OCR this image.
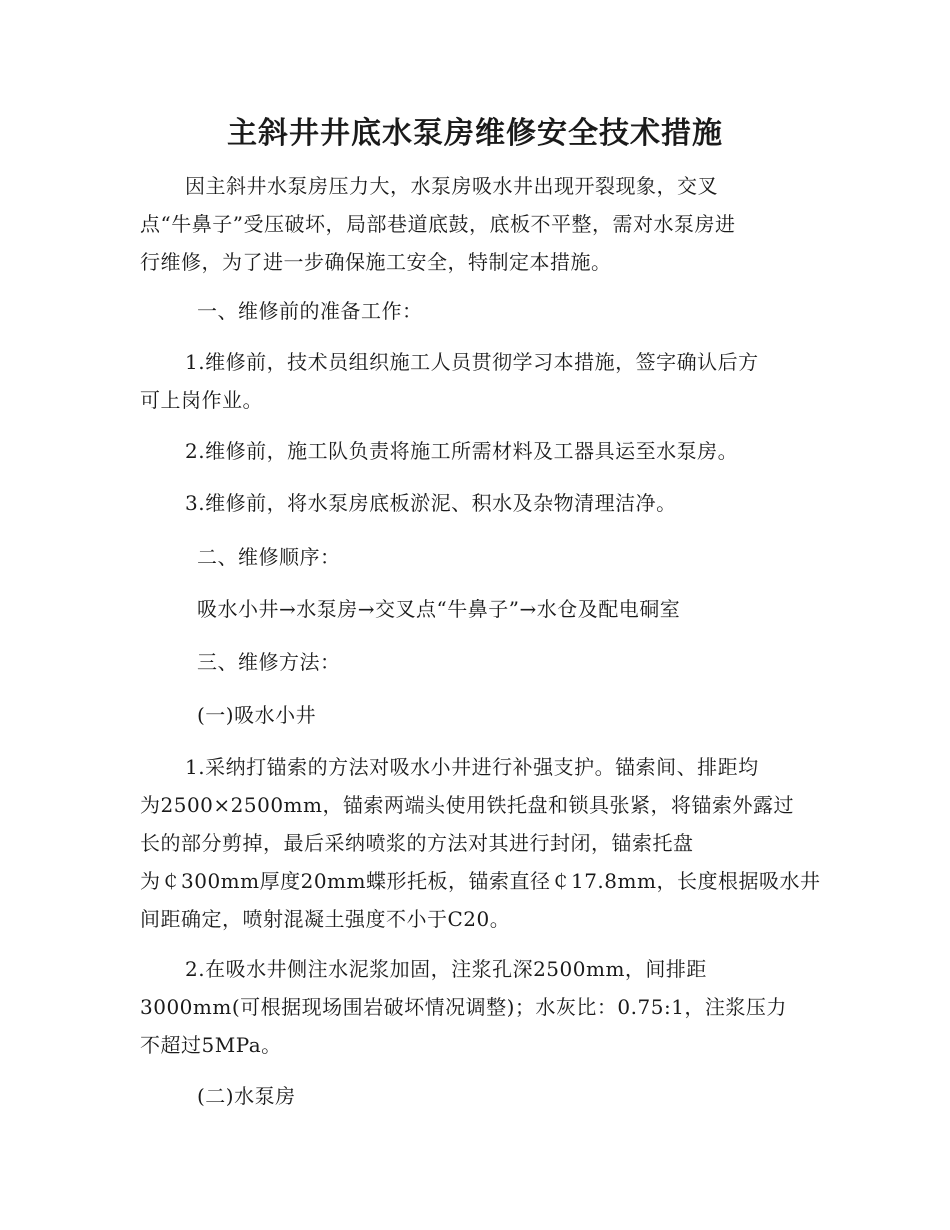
主斜井井底水泵房维修安全技术措施

因主斜井水泵房压力大，水泵房吸水井出现开裂现象，交叉
点“牛鼻子”受压破坏，局部巷道底鼓，底板不平整，需对水泵房进
行维修，为了进一步确保施工安全，特制定本措施。

一、维修前的准备工作：

1.维修前，技术员组织施工人员贯彻学习本措施，签字确认后方
可上岗作业。

2.维修前，施工队负责将施工所需材料及工器具运至水泵房。

3.维修前，将水泵房底板淤泥、积水及杂物清理洁净。

二、维修顺序：

吸水小井→水泵房→交叉点“牛鼻子”→水仓及配电硐室

三、维修方法：

(一)吸水小井

1.采纳打锚索的方法对吸水小井进行补强支护。锚索间、排距均
为2500×2500mm，锚索两端头使用铁托盘和锁具张紧，将锚索外露过
长的部分剪掉，最后采纳喷浆的方法对其进行封闭，锚索托盘
为￠300mm厚度20mm蝶形托板，锚索直径￠17.8mm，长度根据吸水井
间距确定，喷射混凝土强度不小于C20。

2.在吸水井侧注水泥浆加固，注浆孔深2500mm，间排距
3000mm(可根据现场围岩破坏情况调整)；水灰比：0.75:1，注浆压力
不超过5MPa。

(二)水泵房
